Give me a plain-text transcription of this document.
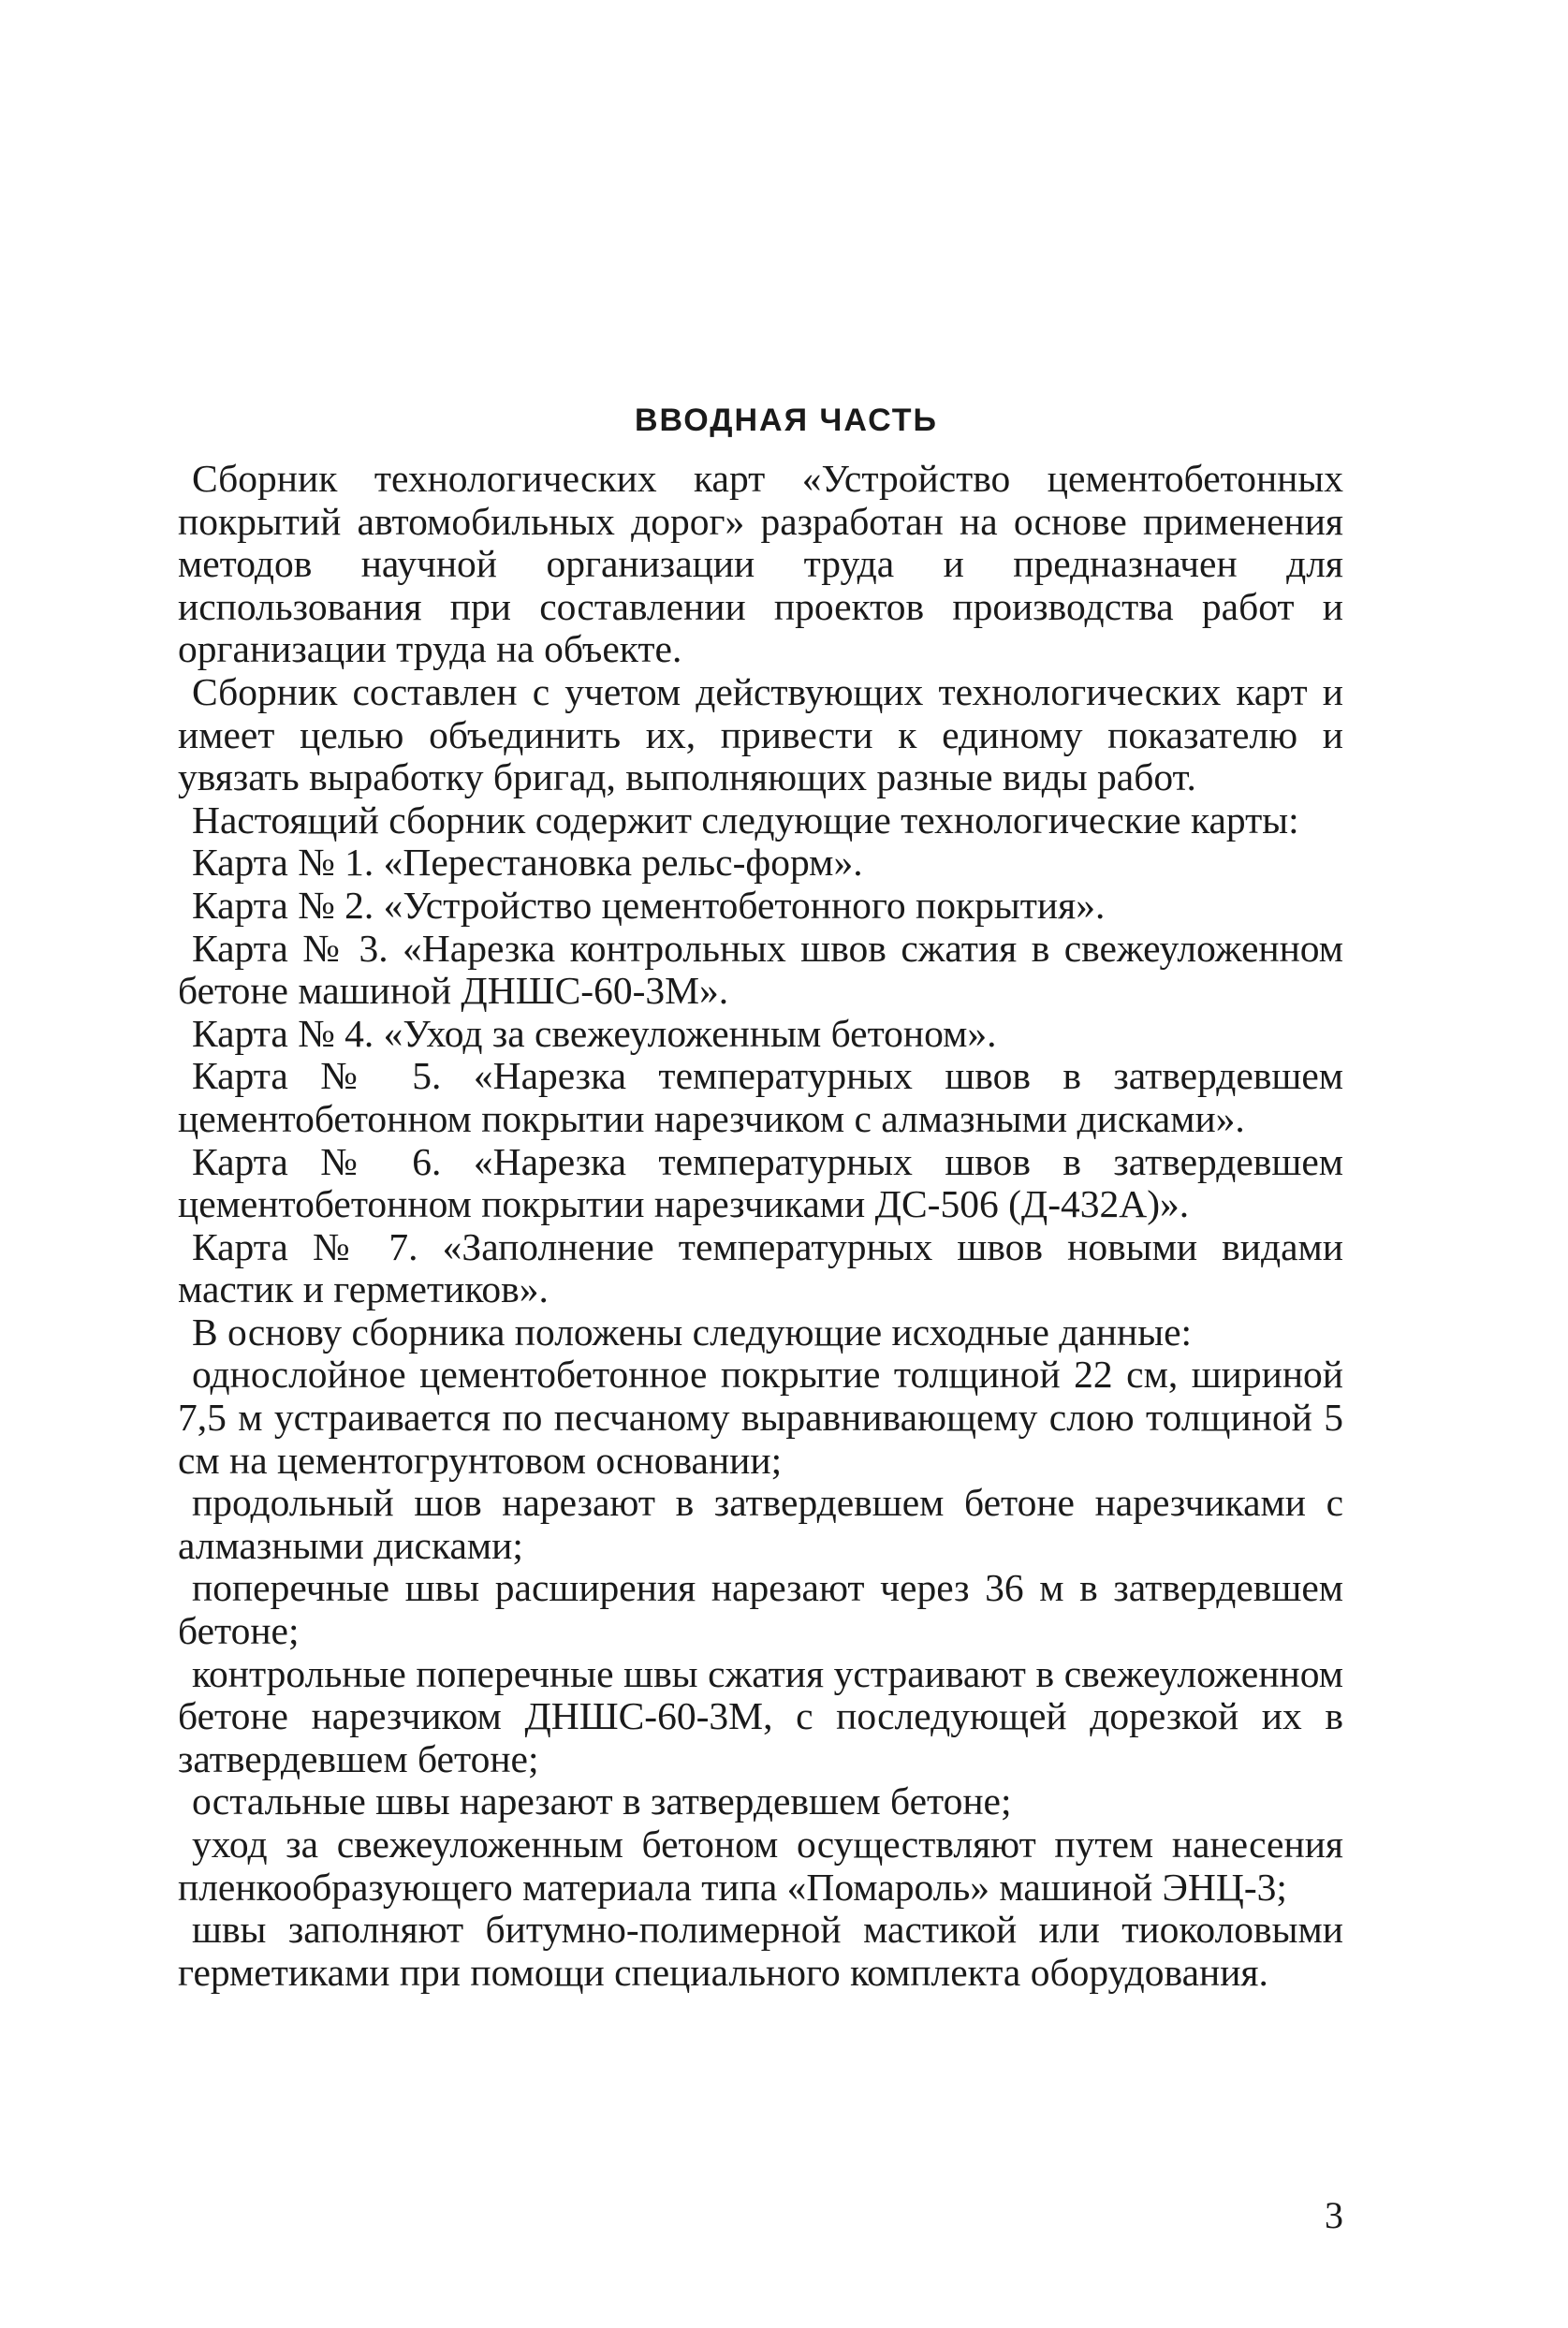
ВВОДНАЯ ЧАСТЬ

Сборник технологических карт «Устройство цементобетонных покрытий автомобильных дорог» разработан на основе применения методов научной организации труда и предназначен для использования при составлении проектов производства работ и организации труда на объекте.

Сборник составлен с учетом действующих технологических карт и имеет целью объединить их, привести к единому показателю и увязать выработку бригад, выполняющих разные виды работ.

Настоящий сборник содержит следующие технологические карты:

Карта № 1. «Перестановка рельс-форм».

Карта № 2. «Устройство цементобетонного покрытия».

Карта № 3. «Нарезка контрольных швов сжатия в свежеуложенном бетоне машиной ДНШС-60-3М».

Карта № 4. «Уход за свежеуложенным бетоном».

Карта № 5. «Нарезка температурных швов в затвердевшем цементобетонном покрытии нарезчиком с алмазными дисками».

Карта № 6. «Нарезка температурных швов в затвердевшем цементобетонном покрытии нарезчиками ДС-506 (Д-432А)».

Карта № 7. «Заполнение температурных швов новыми видами мастик и герметиков».

В основу сборника положены следующие исходные данные:

однослойное цементобетонное покрытие толщиной 22 см, шириной 7,5 м устраивается по песчаному выравнивающему слою толщиной 5 см на цементогрунтовом основании;

продольный шов нарезают в затвердевшем бетоне нарезчиками с алмазными дисками;

поперечные швы расширения нарезают через 36 м в затвердевшем бетоне;

контрольные поперечные швы сжатия устраивают в свежеуложенном бетоне нарезчиком ДНШС-60-3М, с последующей дорезкой их в затвердевшем бетоне;

остальные швы нарезают в затвердевшем бетоне;

уход за свежеуложенным бетоном осуществляют путем нанесения пленкообразующего материала типа «Помароль» машиной ЭНЦ-3;

швы заполняют битумно-полимерной мастикой или тиоколовыми герметиками при помощи специального комплекта оборудования.

3
